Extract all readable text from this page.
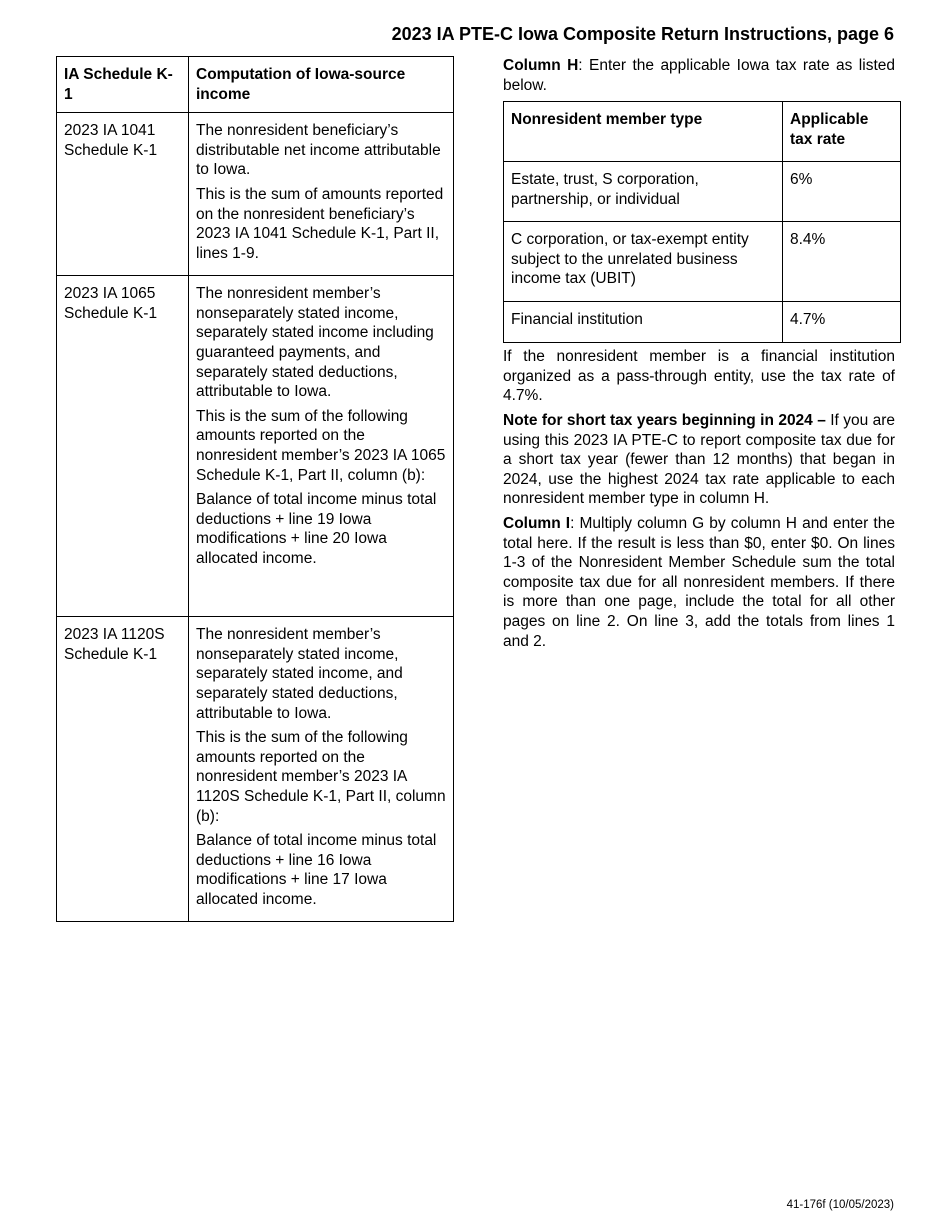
2023 IA PTE-C Iowa Composite Return Instructions, page 6
IA Schedule K-1	Computation of Iowa-source income
2023 IA 1041 Schedule K-1	The nonresident beneficiary’s distributable net income attributable to Iowa.

This is the sum of amounts reported on the nonresident beneficiary’s 2023 IA 1041 Schedule K-1, Part II, lines 1-9.

2023 IA 1065 Schedule K-1	The nonresident member’s nonseparately stated income, separately stated income including guaranteed payments, and separately stated deductions, attributable to Iowa.

This is the sum of the following amounts reported on the nonresident member’s 2023 IA 1065 Schedule K-1, Part II, column (b):

Balance of total income minus total deductions + line 19 Iowa modifications + line 20 Iowa allocated income.

2023 IA 1120S Schedule K-1	The nonresident member’s nonseparately stated income, separately stated income, and separately stated deductions, attributable to Iowa.

This is the sum of the following amounts reported on the nonresident member’s 2023 IA 1120S Schedule K-1, Part II, column (b):

Balance of total income minus total deductions + line 16 Iowa modifications + line 17 Iowa allocated income.

Column H: Enter the applicable Iowa tax rate as listed below.

Nonresident member type	Applicable tax rate
Estate, trust, S corporation, partnership, or individual	6%
C corporation, or tax-exempt entity subject to the unrelated business income tax (UBIT)	8.4%
Financial institution	4.7%

If the nonresident member is a financial institution organized as a pass-through entity, use the tax rate of 4.7%.

Note for short tax years beginning in 2024 – If you are using this 2023 IA PTE-C to report composite tax due for a short tax year (fewer than 12 months) that began in 2024, use the highest 2024 tax rate applicable to each nonresident member type in column H.

Column I: Multiply column G by column H and enter the total here. If the result is less than $0, enter $0. On lines 1-3 of the Nonresident Member Schedule sum the total composite tax due for all nonresident members. If there is more than one page, include the total for all other pages on line 2. On line 3, add the totals from lines 1 and 2.

41-176f (10/05/2023)
